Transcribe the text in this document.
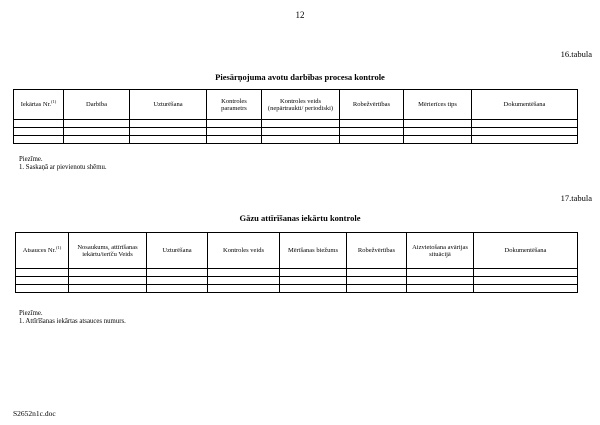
12
16.tabula
Piesārņojuma avotu darbības procesa kontrole
Iekārtas Nr.$^{(1)}$	Darbība	Uzturēšana	Kontroles parametrs	Kontroles veids (nepārtraukti/ periodiski)	Robežvērtības	Mērierīces tips	Dokumentēšana

Piezīme.
1. Saskaņā ar pievienotu shēmu.
17.tabula
Gāzu attīrīšanas iekārtu kontrole
Atsauces Nr.$^{(1)}$	Nosaukums, attīrīšanas iekārtu/ierīču Veids	Uzturēšana	Kontroles veids	Mērīšanas biežums	Robežvērtības	Aizvietošana avārijas situācijā	Dokumentēšana

Piezīme.
1. Attīrīšanas iekārtas atsauces numurs.
S2652n1c.doc
